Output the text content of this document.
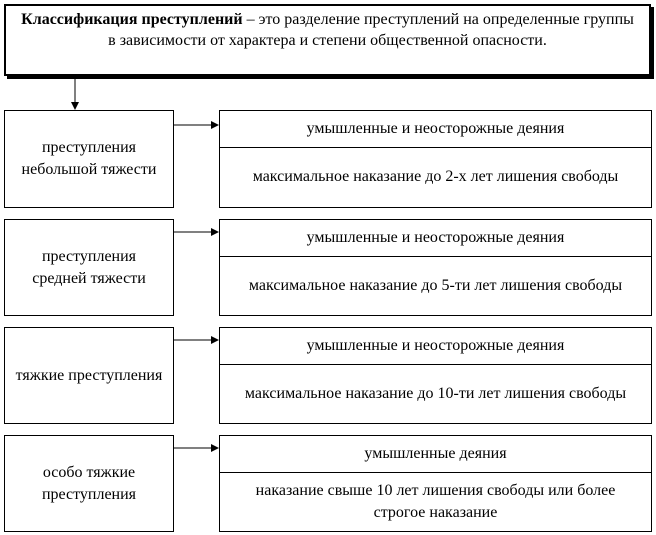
Классификация преступлений – это разделение преступлений на определенные группы в зависимости от характера и степени общественной опасности.
преступления небольшой тяжести
умышленные и неосторожные деяния
максимальное наказание до 2-х лет лишения свободы
преступления средней тяжести
умышленные и неосторожные деяния
максимальное наказание до 5-ти лет лишения свободы
тяжкие преступления
умышленные и неосторожные деяния
максимальное наказание до 10-ти лет лишения свободы
особо тяжкие преступления
умышленные деяния
наказание свыше 10 лет лишения свободы или более строгое наказание
